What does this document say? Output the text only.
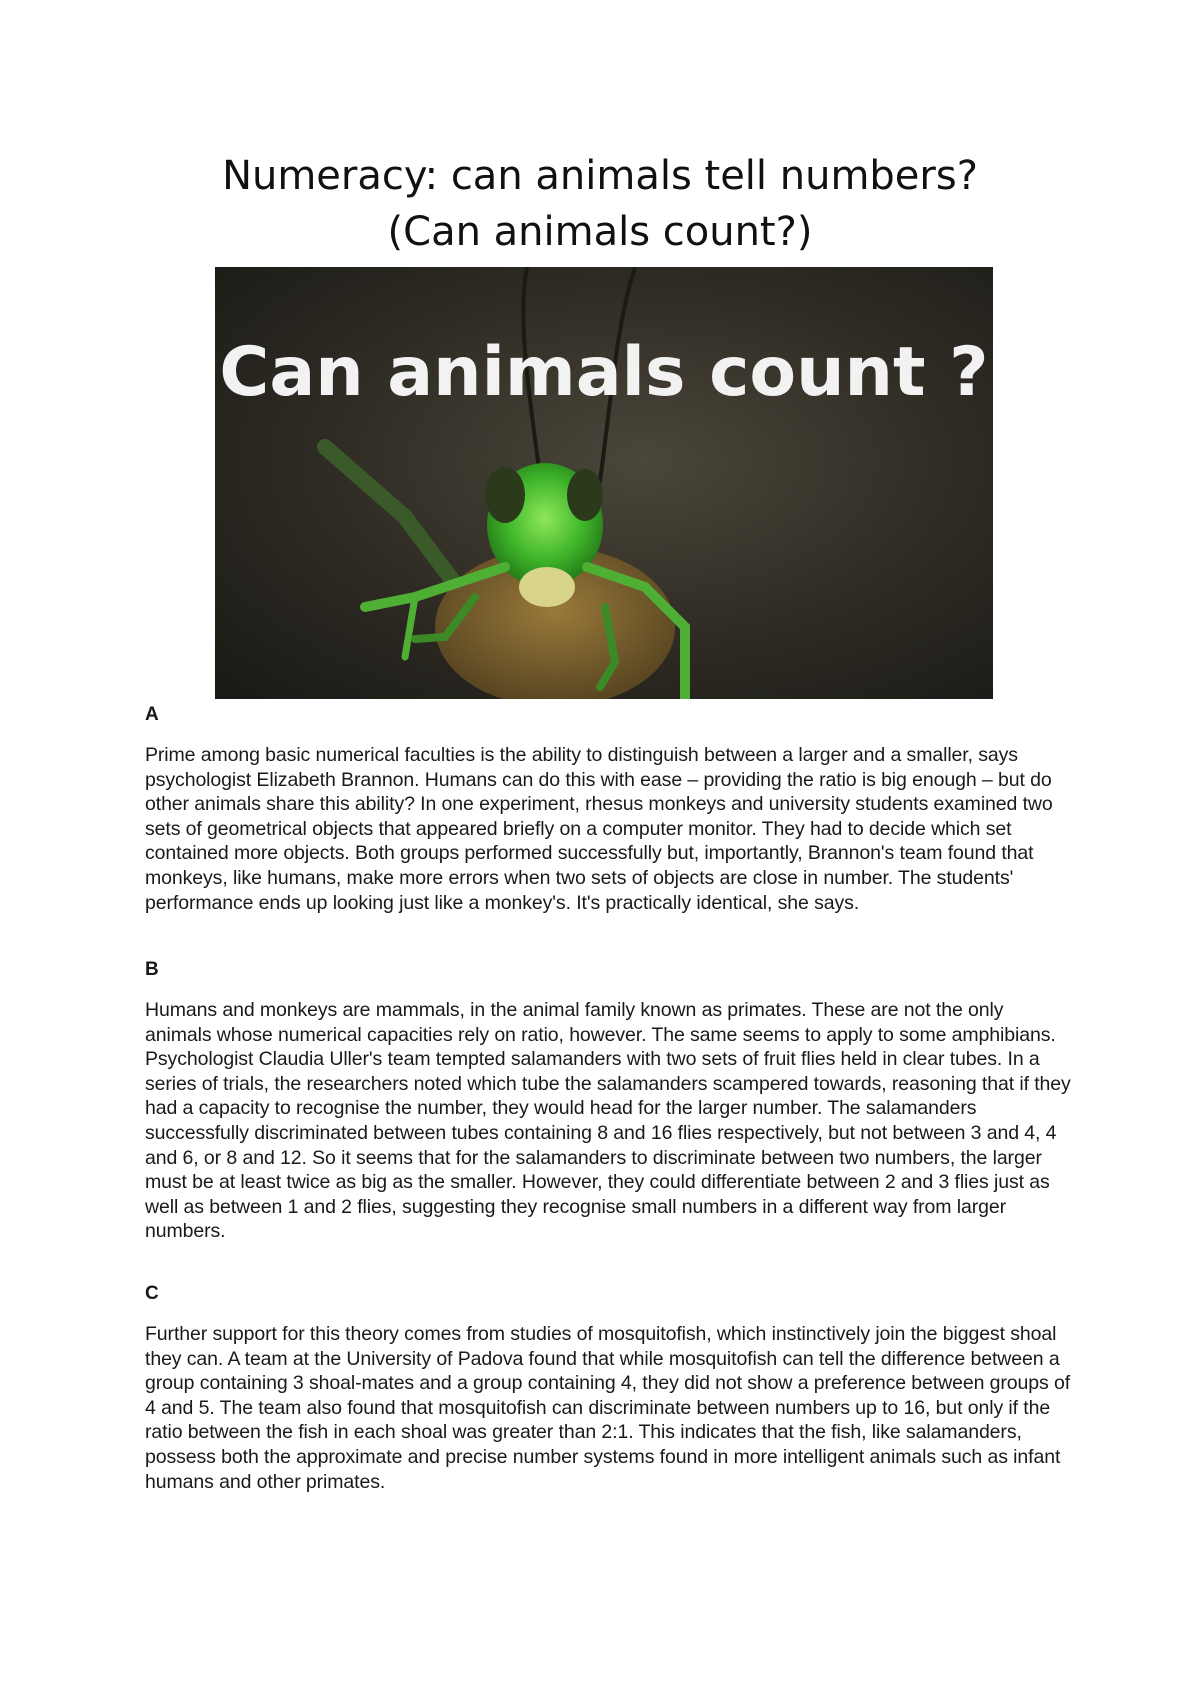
Numeracy: can animals tell numbers?
(Can animals count?)
Can animals count ?

A

Prime among basic numerical faculties is the ability to distinguish between a larger and a smaller, says psychologist Elizabeth Brannon. Humans can do this with ease – providing the ratio is big enough – but do other animals share this ability? In one experiment, rhesus monkeys and university students examined two sets of geometrical objects that appeared briefly on a computer monitor. They had to decide which set contained more objects. Both groups performed successfully but, importantly, Brannon's team found that monkeys, like humans, make more errors when two sets of objects are close in number. The students' performance ends up looking just like a monkey's. It's practically identical, she says.

B

Humans and monkeys are mammals, in the animal family known as primates. These are not the only animals whose numerical capacities rely on ratio, however. The same seems to apply to some amphibians. Psychologist Claudia Uller's team tempted salamanders with two sets of fruit flies held in clear tubes. In a series of trials, the researchers noted which tube the salamanders scampered towards, reasoning that if they had a capacity to recognise the number, they would head for the larger number. The salamanders successfully discriminated between tubes containing 8 and 16 flies respectively, but not between 3 and 4, 4 and 6, or 8 and 12. So it seems that for the salamanders to discriminate between two numbers, the larger must be at least twice as big as the smaller. However, they could differentiate between 2 and 3 flies just as well as between 1 and 2 flies, suggesting they recognise small numbers in a different way from larger numbers.

C

Further support for this theory comes from studies of mosquitofish, which instinctively join the biggest shoal they can. A team at the University of Padova found that while mosquitofish can tell the difference between a group containing 3 shoal-mates and a group containing 4, they did not show a preference between groups of 4 and 5. The team also found that mosquitofish can discriminate between numbers up to 16, but only if the ratio between the fish in each shoal was greater than 2:1. This indicates that the fish, like salamanders, possess both the approximate and precise number systems found in more intelligent animals such as infant humans and other primates.
